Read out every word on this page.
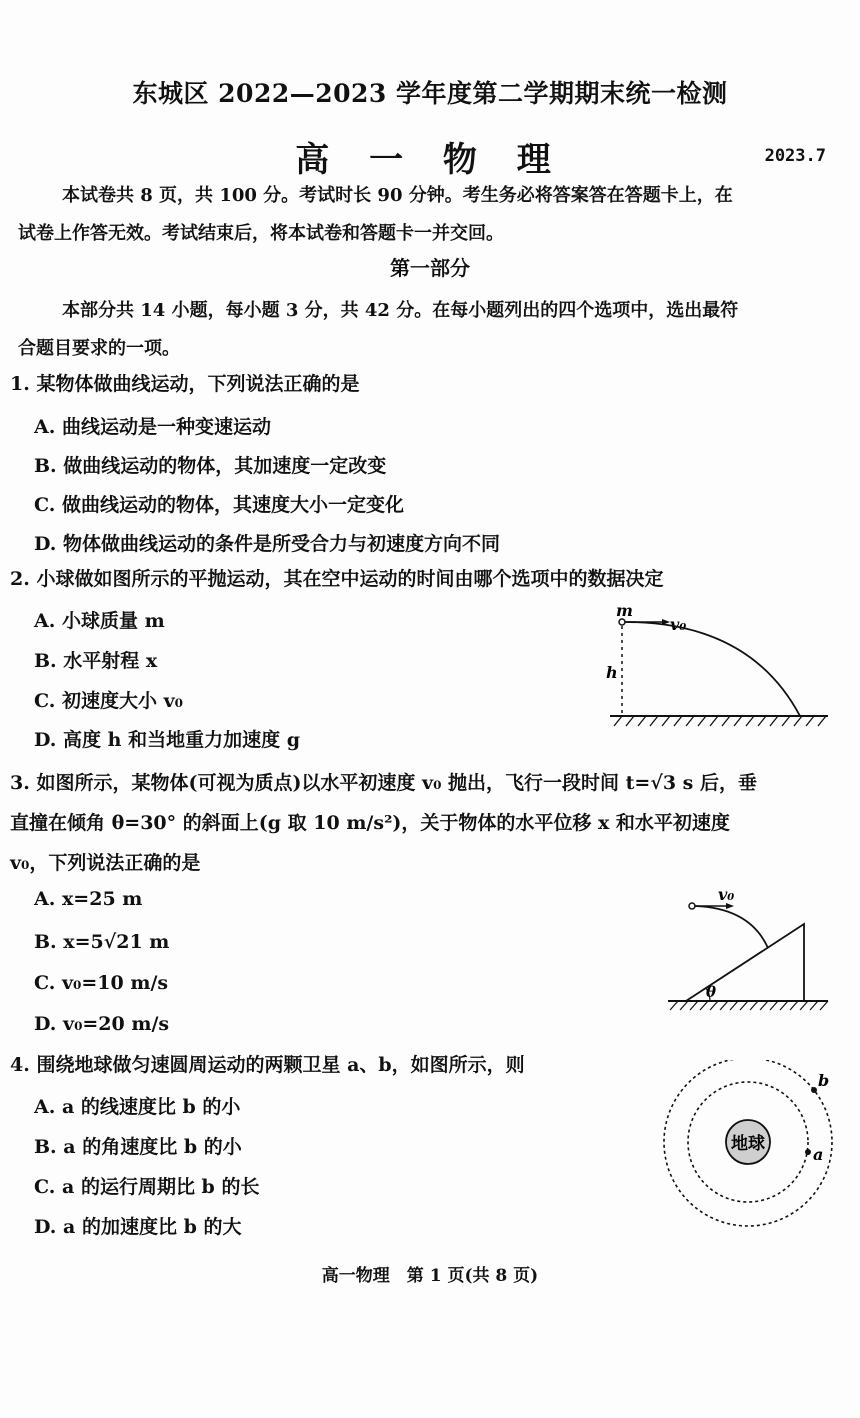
东城区 2022—2023 学年度第二学期期末统一检测
高 一 物 理	2023.7
本试卷共 8 页，共 100 分。考试时长 90 分钟。考生务必将答案答在答题卡上，在
试卷上作答无效。考试结束后，将本试卷和答题卡一并交回。
第一部分
本部分共 14 小题，每小题 3 分，共 42 分。在每小题列出的四个选项中，选出最符
合题目要求的一项。
1. 某物体做曲线运动，下列说法正确的是
A. 曲线运动是一种变速运动
B. 做曲线运动的物体，其加速度一定改变
C. 做曲线运动的物体，其速度大小一定变化
D. 物体做曲线运动的条件是所受合力与初速度方向不同
2. 小球做如图所示的平抛运动，其在空中运动的时间由哪个选项中的数据决定
A. 小球质量 m
B. 水平射程 x
C. 初速度大小 v₀
D. 高度 h 和当地重力加速度 g
m
v₀
h
3. 如图所示，某物体(可视为质点)以水平初速度 v₀ 抛出，飞行一段时间 t=√3 s 后，垂
直撞在倾角 θ=30° 的斜面上(g 取 10 m/s²)，关于物体的水平位移 x 和水平初速度
v₀，下列说法正确的是
A. x=25 m
B. x=5√21 m
C. v₀=10 m/s
D. v₀=20 m/s
v₀
θ
4. 围绕地球做匀速圆周运动的两颗卫星 a、b，如图所示，则
A. a 的线速度比 b 的小
B. a 的角速度比 b 的小
C. a 的运行周期比 b 的长
D. a 的加速度比 b 的大
地球
a
b
高一物理　第 1 页(共 8 页)
